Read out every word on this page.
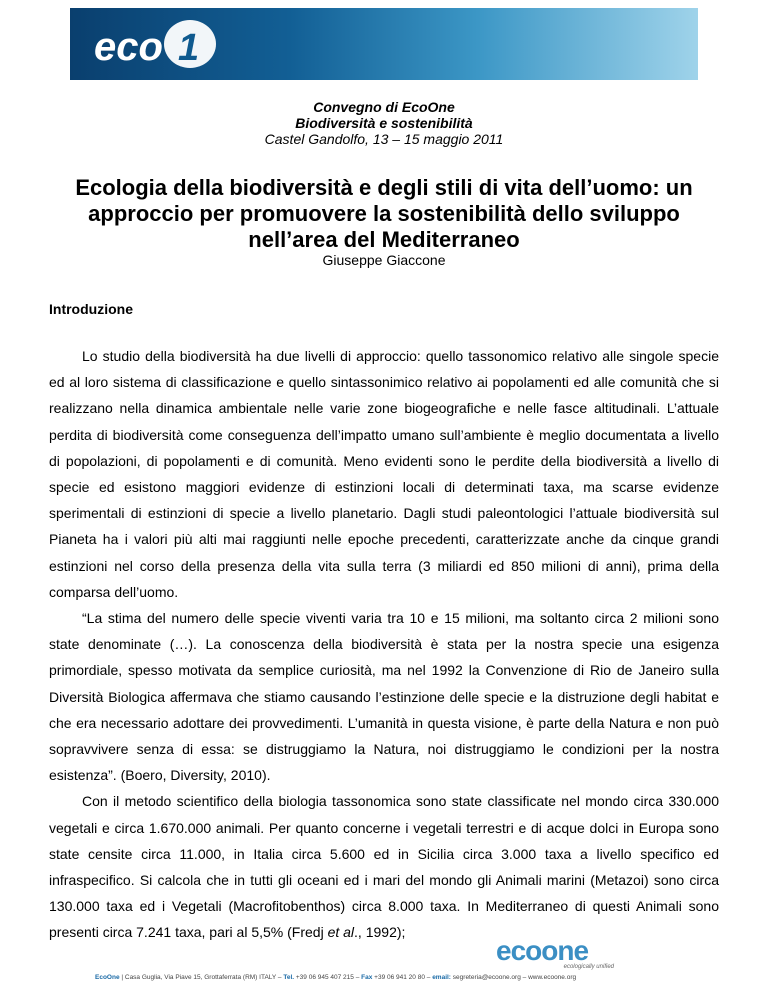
eco 1
Convegno di EcoOne
Biodiversità e sostenibilità
Castel Gandolfo, 13 – 15 maggio 2011
Ecologia della biodiversità e degli stili di vita dell’uomo: un approccio per promuovere la sostenibilità dello sviluppo nell’area del Mediterraneo
Giuseppe Giaccone
Introduzione

Lo studio della biodiversità ha due livelli di approccio: quello tassonomico relativo alle singole specie ed al loro sistema di classificazione e quello sintassonimico relativo ai popolamenti ed alle comunità che si realizzano nella dinamica ambientale nelle varie zone biogeografiche e nelle fasce altitudinali. L’attuale perdita di biodiversità come conseguenza dell’impatto umano sull’ambiente è meglio documentata a livello di popolazioni, di popolamenti e di comunità. Meno evidenti sono le perdite della biodiversità a livello di specie ed esistono maggiori evidenze di estinzioni locali di determinati taxa, ma scarse evidenze sperimentali di estinzioni di specie a livello planetario. Dagli studi paleontologici l’attuale biodiversità sul Pianeta ha i valori più alti mai raggiunti nelle epoche precedenti, caratterizzate anche da cinque grandi estinzioni nel corso della presenza della vita sulla terra (3 miliardi ed 850 milioni di anni), prima della comparsa dell’uomo.

“La stima del numero delle specie viventi varia tra 10 e 15 milioni, ma soltanto circa 2 milioni sono state denominate (…). La conoscenza della biodiversità è stata per la nostra specie una esigenza primordiale, spesso motivata da semplice curiosità, ma nel 1992 la Convenzione di Rio de Janeiro sulla Diversità Biologica affermava che stiamo causando l’estinzione delle specie e la distruzione degli habitat e che era necessario adottare dei provvedimenti. L’umanità in questa visione, è parte della Natura e non può sopravvivere senza di essa: se distruggiamo la Natura, noi distruggiamo le condizioni per la nostra esistenza”. (Boero, Diversity, 2010).

Con il metodo scientifico della biologia tassonomica sono state classificate nel mondo circa 330.000 vegetali e circa 1.670.000 animali. Per quanto concerne i vegetali terrestri e di acque dolci in Europa sono state censite circa 11.000, in Italia circa 5.600 ed in Sicilia circa 3.000 taxa a livello specifico ed infraspecifico. Si calcola che in tutti gli oceani ed i mari del mondo gli Animali marini (Metazoi) sono circa 130.000 taxa ed i Vegetali (Macrofitobenthos) circa 8.000 taxa. In Mediterraneo di questi Animali sono presenti circa 7.241 taxa, pari al 5,5% (Fredj et al., 1992);

ecoone
ecologically unified
EcoOne | Casa Guglia, Via Piave 15, Grottaferrata (RM) ITALY – Tel. +39 06 945 407 215 – Fax +39 06 941 20 80 – email: segreteria@ecoone.org – www.ecoone.org
